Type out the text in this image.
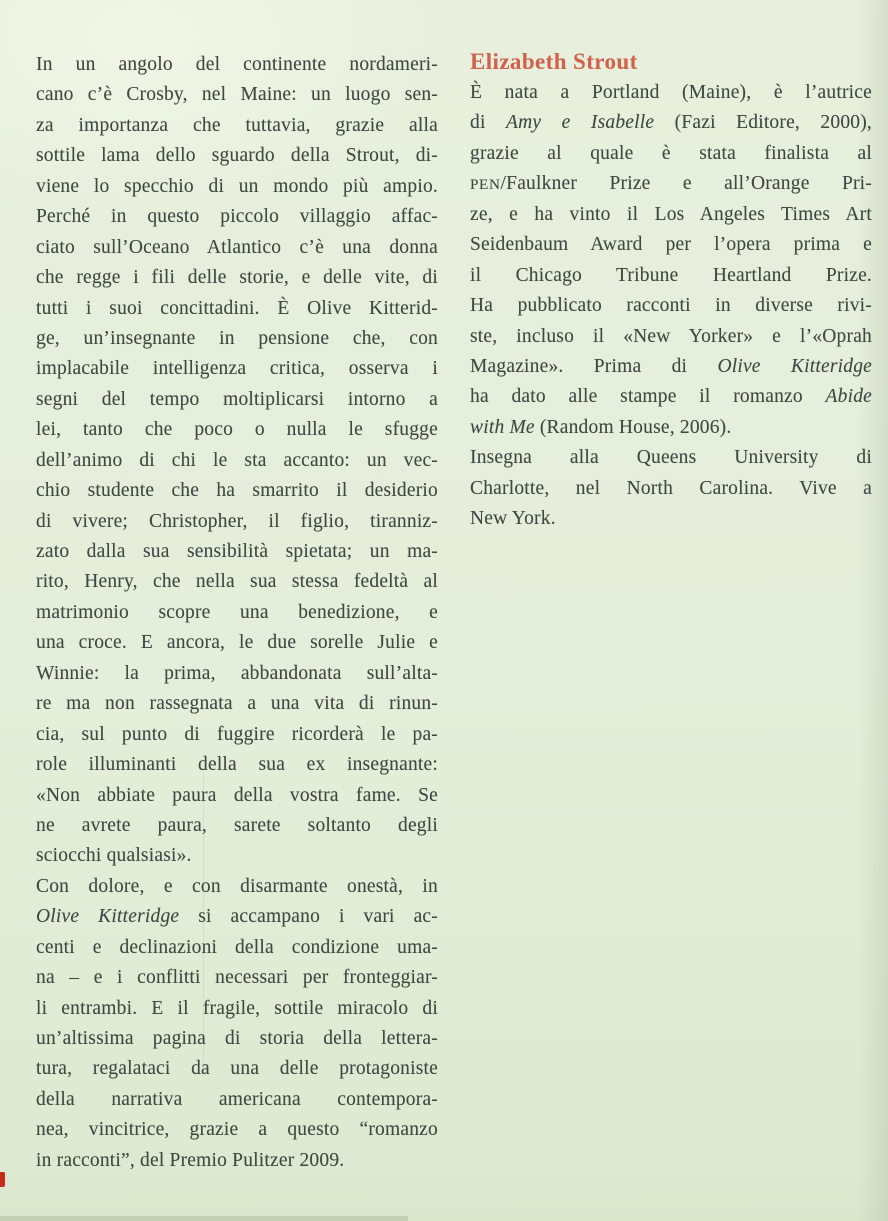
In un angolo del continente nordameri-
cano c’è Crosby, nel Maine: un luogo sen-
za importanza che tuttavia, grazie alla
sottile lama dello sguardo della Strout, di-
viene lo specchio di un mondo più ampio.
Perché in questo piccolo villaggio affac-
ciato sull’Oceano Atlantico c’è una donna
che regge i fili delle storie, e delle vite, di
tutti i suoi concittadini. È Olive Kitterid-
ge, un’insegnante in pensione che, con
implacabile intelligenza critica, osserva i
segni del tempo moltiplicarsi intorno a
lei, tanto che poco o nulla le sfugge
dell’animo di chi le sta accanto: un vec-
chio studente che ha smarrito il desiderio
di vivere; Christopher, il figlio, tiranniz-
zato dalla sua sensibilità spietata; un ma-
rito, Henry, che nella sua stessa fedeltà al
matrimonio scopre una benedizione, e
una croce. E ancora, le due sorelle Julie e
Winnie: la prima, abbandonata sull’alta-
re ma non rassegnata a una vita di rinun-
cia, sul punto di fuggire ricorderà le pa-
role illuminanti della sua ex insegnante:
«Non abbiate paura della vostra fame. Se
ne avrete paura, sarete soltanto degli
sciocchi qualsiasi».
Con dolore, e con disarmante onestà, in
Olive Kitteridge si accampano i vari ac-
centi e declinazioni della condizione uma-
na – e i conflitti necessari per fronteggiar-
li entrambi. E il fragile, sottile miracolo di
un’altissima pagina di storia della lettera-
tura, regalataci da una delle protagoniste
della narrativa americana contempora-
nea, vincitrice, grazie a questo “romanzo
in racconti”, del Premio Pulitzer 2009.
Elizabeth Strout
È nata a Portland (Maine), è l’autrice
di Amy e Isabelle (Fazi Editore, 2000),
grazie al quale è stata finalista al
PEN/Faulkner Prize e all’Orange Pri-
ze, e ha vinto il Los Angeles Times Art
Seidenbaum Award per l’opera prima e
il Chicago Tribune Heartland Prize.
Ha pubblicato racconti in diverse rivi-
ste, incluso il «New Yorker» e l’«Oprah
Magazine». Prima di Olive Kitteridge
ha dato alle stampe il romanzo Abide
with Me (Random House, 2006).
Insegna alla Queens University di
Charlotte, nel North Carolina. Vive a
New York.
